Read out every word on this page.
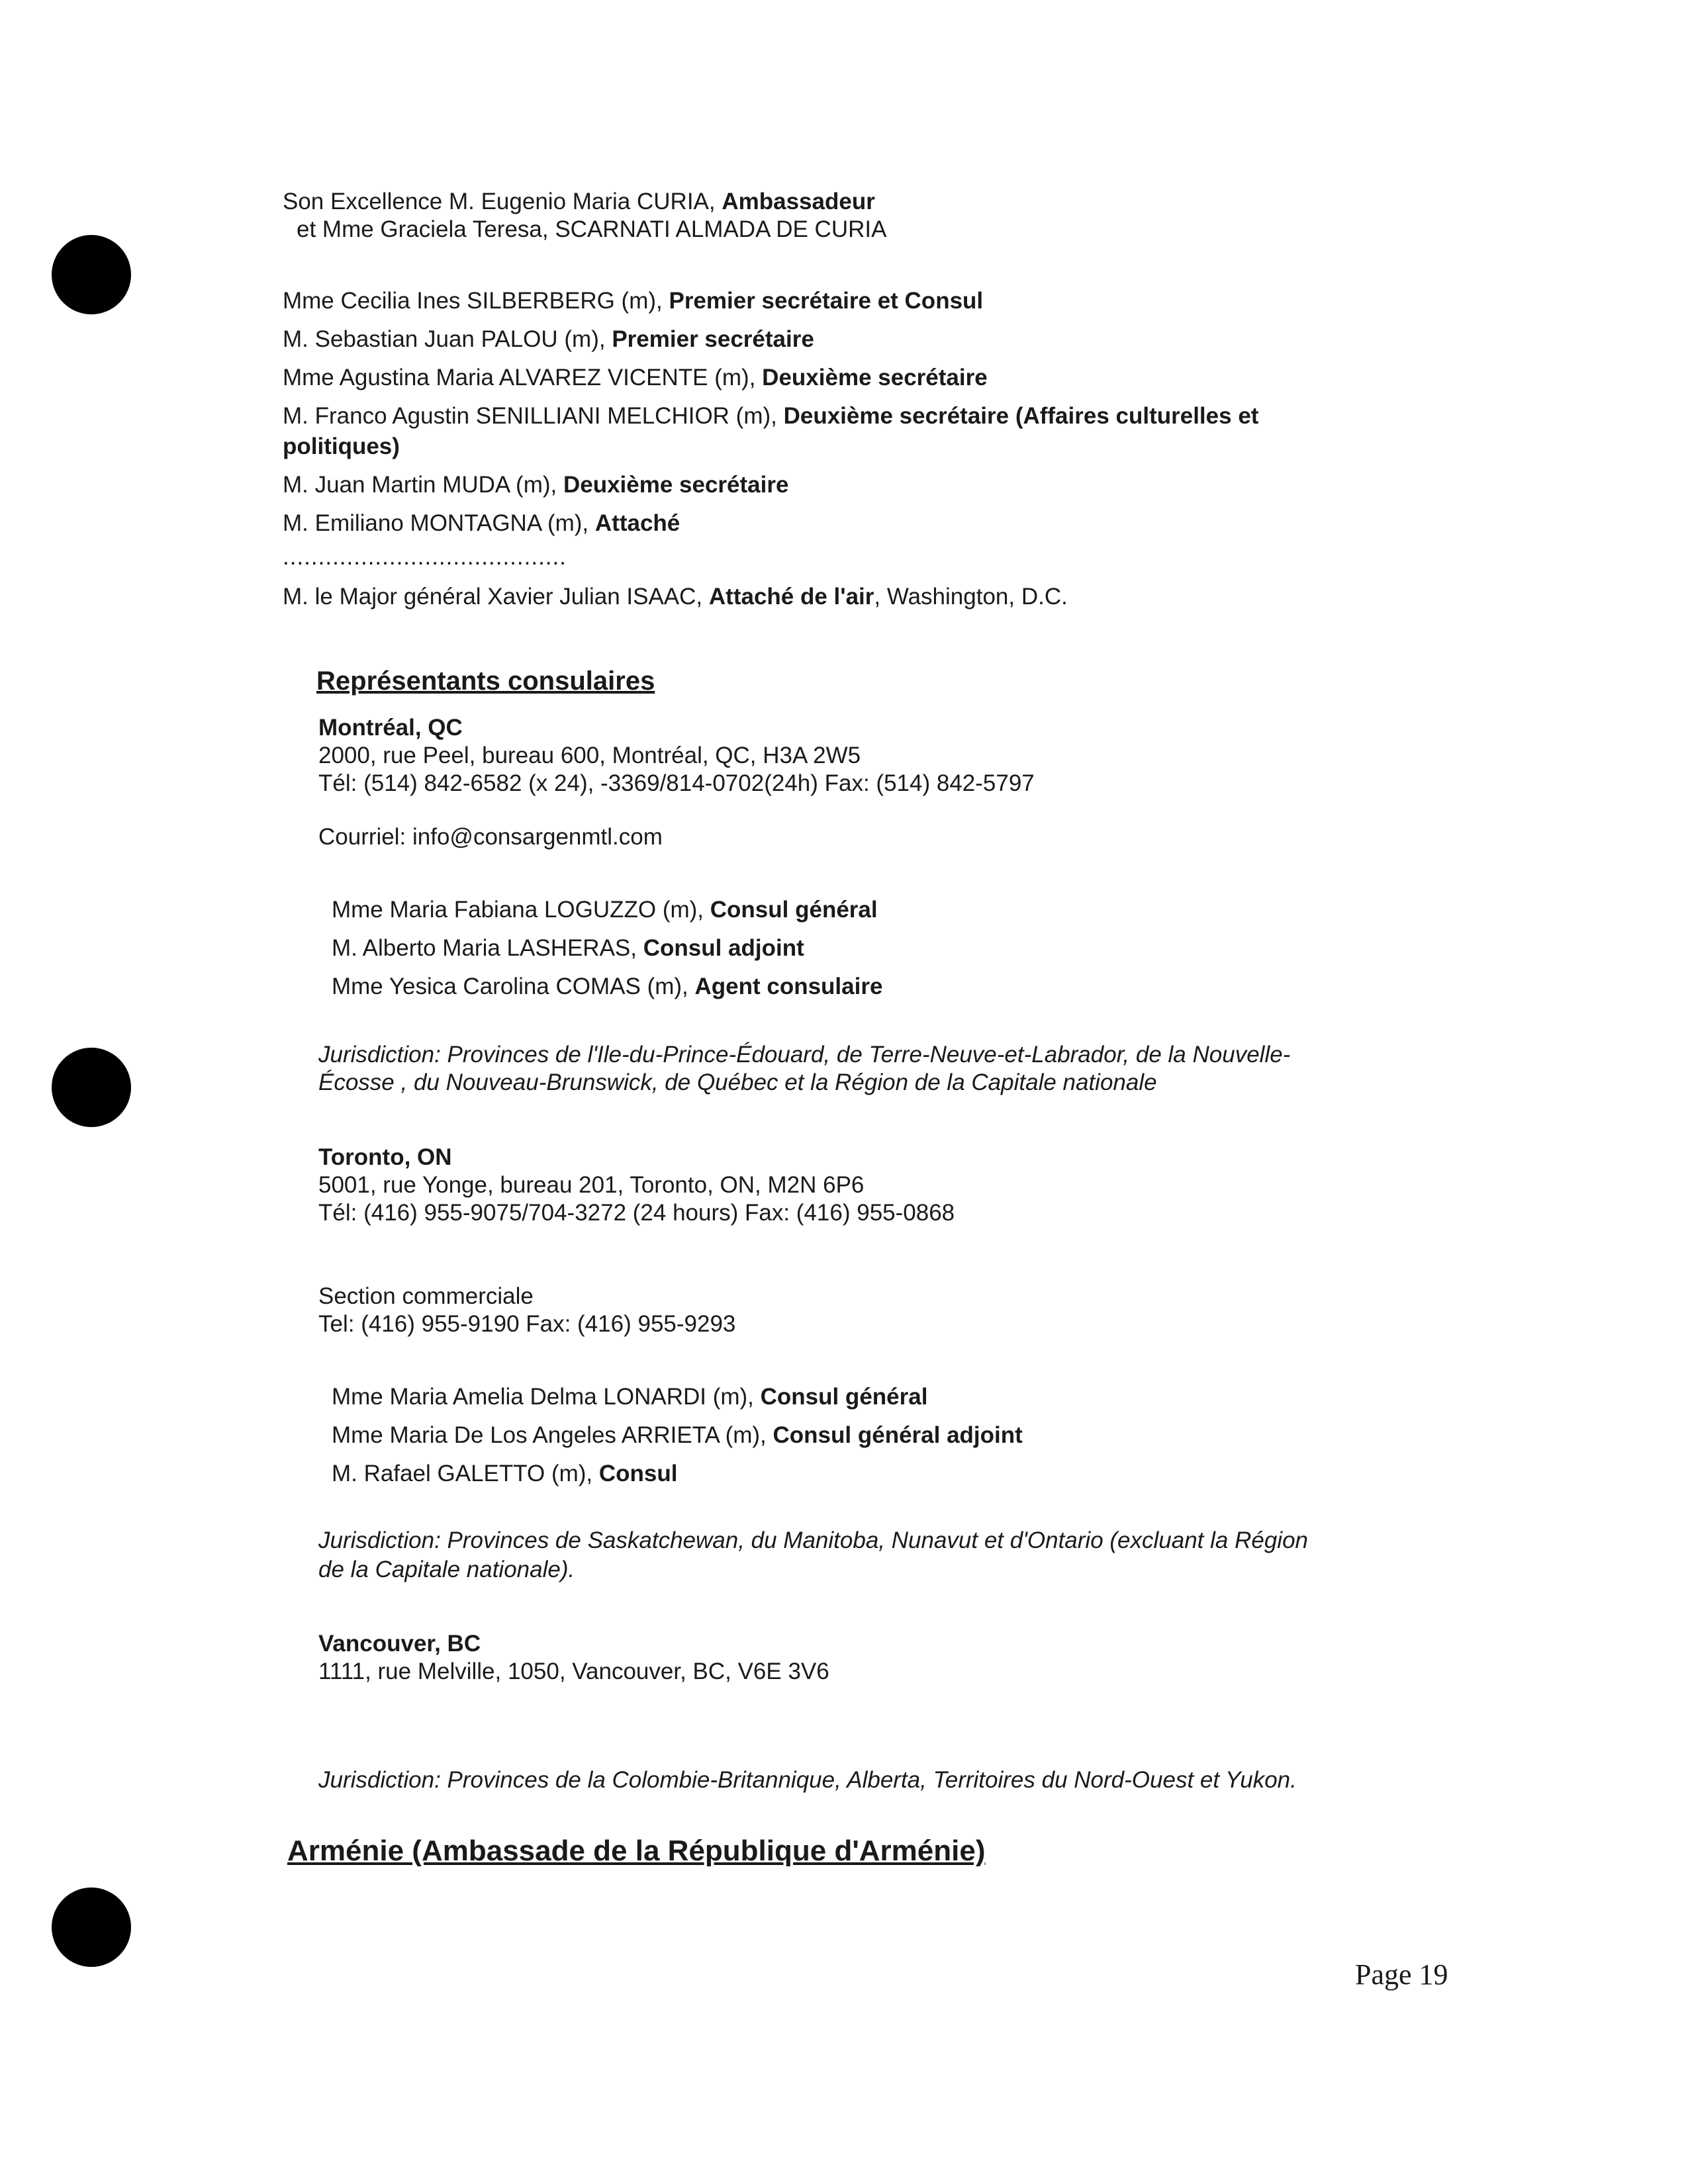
Son Excellence M. Eugenio Maria CURIA, Ambassadeur
et Mme Graciela Teresa, SCARNATI ALMADA DE CURIA
Mme Cecilia Ines SILBERBERG (m), Premier secrétaire et Consul
M. Sebastian Juan PALOU (m), Premier secrétaire
Mme Agustina Maria ALVAREZ VICENTE (m), Deuxième secrétaire
M. Franco Agustin SENILLIANI MELCHIOR (m), Deuxième secrétaire (Affaires culturelles et
politiques)
M. Juan Martin MUDA (m), Deuxième secrétaire
M. Emiliano MONTAGNA (m), Attaché
........................................
M. le Major général Xavier Julian ISAAC, Attaché de l'air, Washington, D.C.
Représentants consulaires
Montréal, QC
2000, rue Peel, bureau 600, Montréal, QC, H3A 2W5
Tél: (514) 842-6582 (x 24), -3369/814-0702(24h) Fax: (514) 842-5797
Courriel: info@consargenmtl.com
Mme Maria Fabiana LOGUZZO (m), Consul général
M. Alberto Maria LASHERAS, Consul adjoint
Mme Yesica Carolina COMAS (m), Agent consulaire
Jurisdiction: Provinces de l'Ile-du-Prince-Édouard, de Terre-Neuve-et-Labrador, de la Nouvelle-
Écosse , du Nouveau-Brunswick, de Québec et la Région de la Capitale nationale
Toronto, ON
5001, rue Yonge, bureau 201, Toronto, ON, M2N 6P6
Tél: (416) 955-9075/704-3272 (24 hours) Fax: (416) 955-0868
Section commerciale
Tel: (416) 955-9190 Fax: (416) 955-9293
Mme Maria Amelia Delma LONARDI (m), Consul général
Mme Maria De Los Angeles ARRIETA (m), Consul général adjoint
M. Rafael GALETTO (m), Consul
Jurisdiction: Provinces de Saskatchewan, du Manitoba, Nunavut et d'Ontario (excluant la Région
de la Capitale nationale).
Vancouver, BC
1111, rue Melville, 1050, Vancouver, BC, V6E 3V6
Jurisdiction: Provinces de la Colombie-Britannique, Alberta, Territoires du Nord-Ouest et Yukon.
Arménie (Ambassade de la République d'Arménie)
Page 19
